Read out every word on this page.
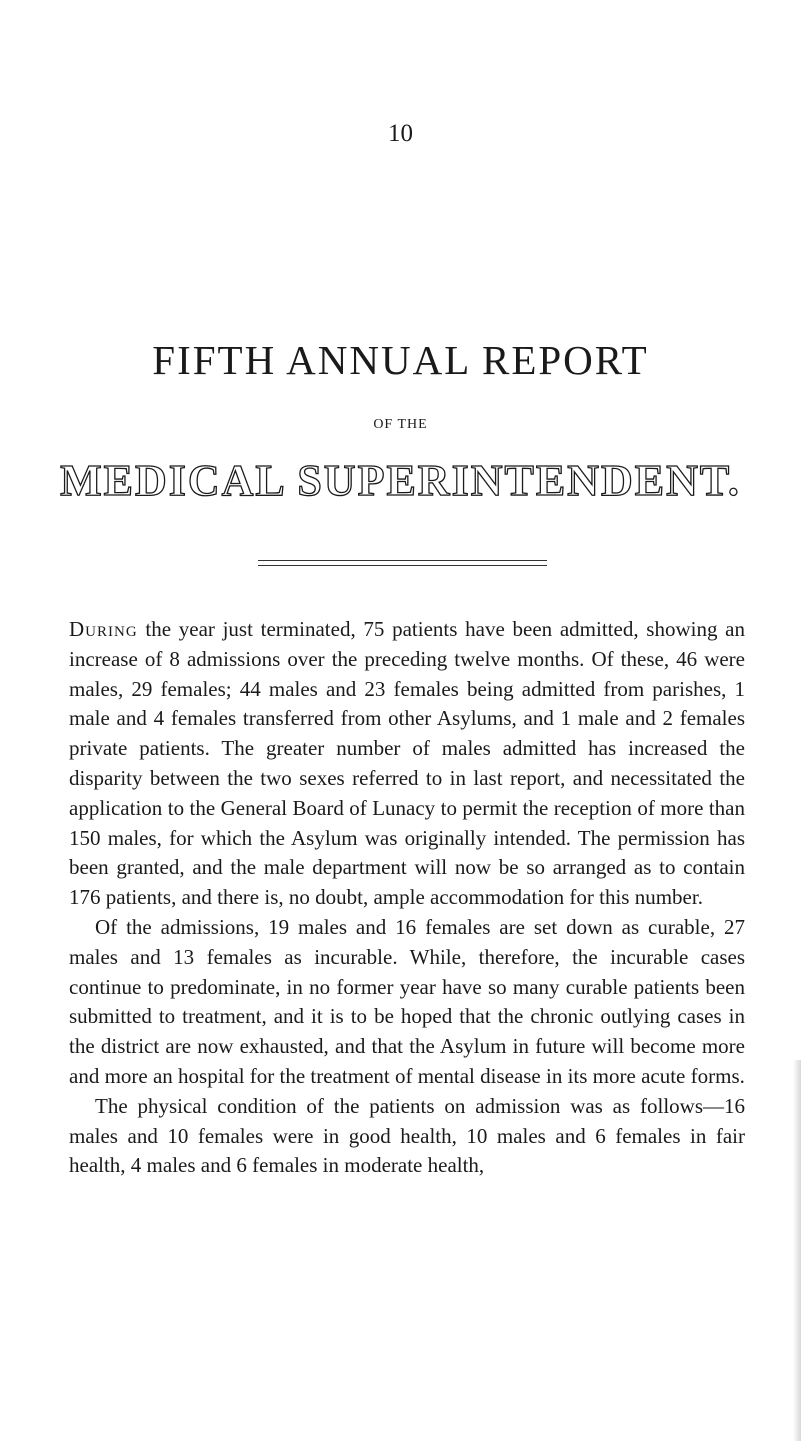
10
FIFTH ANNUAL REPORT
OF THE
MEDICAL SUPERINTENDENT.

During the year just terminated, 75 patients have been admitted, showing an increase of 8 admissions over the preceding twelve months. Of these, 46 were males, 29 females; 44 males and 23 females being admitted from parishes, 1 male and 4 females transferred from other Asylums, and 1 male and 2 females private patients. The greater number of males admitted has increased the disparity between the two sexes referred to in last report, and necessitated the application to the General Board of Lunacy to permit the reception of more than 150 males, for which the Asylum was originally intended. The permission has been granted, and the male department will now be so arranged as to contain 176 patients, and there is, no doubt, ample accommodation for this number.

Of the admissions, 19 males and 16 females are set down as curable, 27 males and 13 females as incurable. While, therefore, the incurable cases continue to predominate, in no former year have so many curable patients been submitted to treatment, and it is to be hoped that the chronic outlying cases in the district are now exhausted, and that the Asylum in future will become more and more an hospital for the treatment of mental disease in its more acute forms.

The physical condition of the patients on admission was as follows—16 males and 10 females were in good health, 10 males and 6 females in fair health, 4 males and 6 females in moderate health,
